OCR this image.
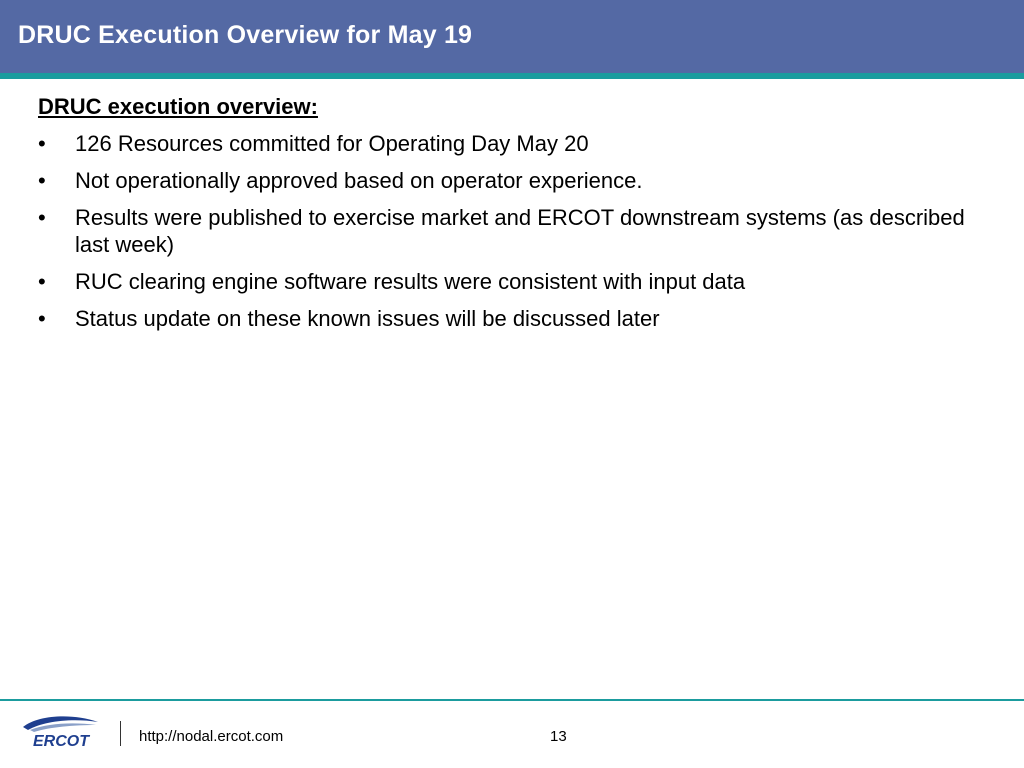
DRUC Execution Overview for May 19
DRUC execution overview:
•	126 Resources committed for Operating Day May 20
•	Not operationally approved based on operator experience.
•	Results were published to exercise market and ERCOT downstream systems (as described last week)
•	RUC clearing engine software results were consistent with input data
•	Status update on these known issues will be discussed later
ERCOT	http://nodal.ercot.com	13
